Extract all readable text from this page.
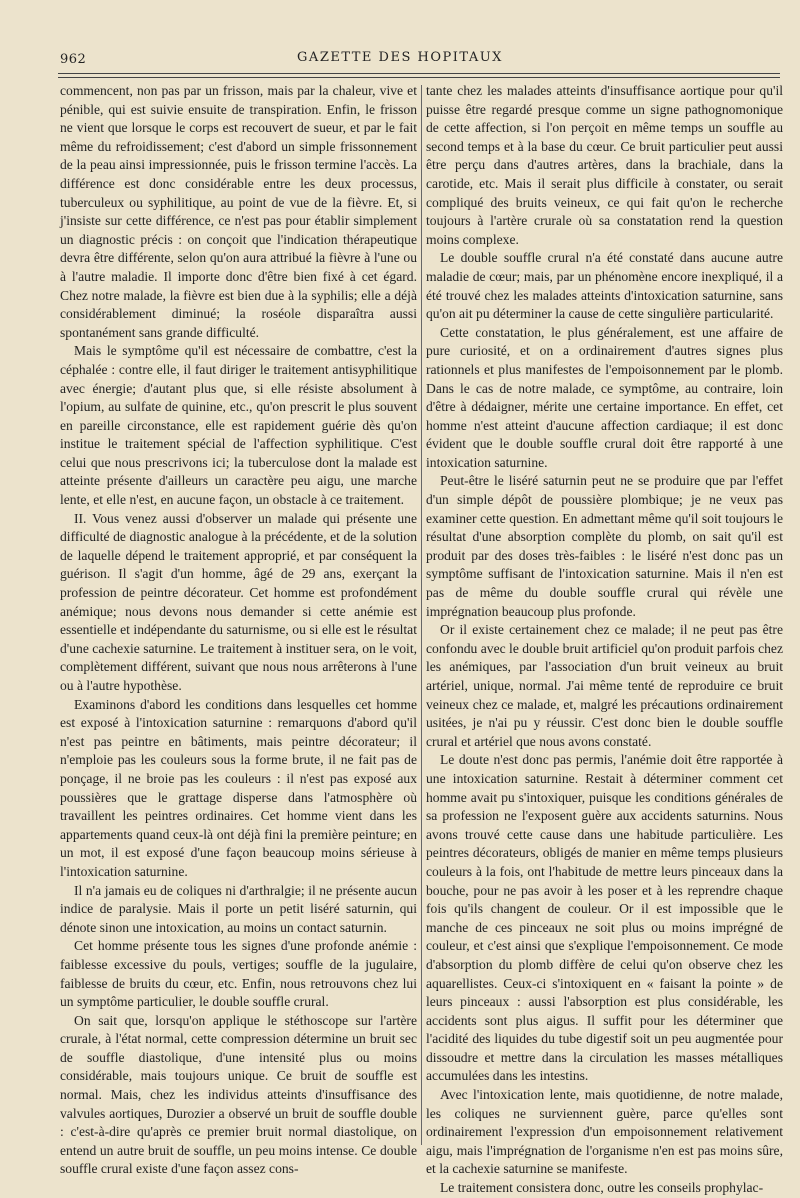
962	GAZETTE DES HOPITAUX

commencent, non pas par un frisson, mais par la chaleur, vive et pénible, qui est suivie ensuite de transpiration. Enfin, le frisson ne vient que lorsque le corps est recouvert de sueur, et par le fait même du refroidissement; c'est d'abord un simple frissonnement de la peau ainsi impressionnée, puis le frisson termine l'accès. La différence est donc considérable entre les deux processus, tuberculeux ou syphilitique, au point de vue de la fièvre. Et, si j'insiste sur cette différence, ce n'est pas pour établir simplement un diagnostic précis : on conçoit que l'indication thérapeutique devra être différente, selon qu'on aura attribué la fièvre à l'une ou à l'autre maladie. Il importe donc d'être bien fixé à cet égard. Chez notre malade, la fièvre est bien due à la syphilis; elle a déjà considérablement diminué; la roséole disparaîtra aussi spontanément sans grande difficulté.

Mais le symptôme qu'il est nécessaire de combattre, c'est la céphalée : contre elle, il faut diriger le traitement antisyphilitique avec énergie; d'autant plus que, si elle résiste absolument à l'opium, au sulfate de quinine, etc., qu'on prescrit le plus souvent en pareille circonstance, elle est rapidement guérie dès qu'on institue le traitement spécial de l'affection syphilitique. C'est celui que nous prescrivons ici; la tuberculose dont la malade est atteinte présente d'ailleurs un caractère peu aigu, une marche lente, et elle n'est, en aucune façon, un obstacle à ce traitement.

II. Vous venez aussi d'observer un malade qui présente une difficulté de diagnostic analogue à la précédente, et de la solution de laquelle dépend le traitement approprié, et par conséquent la guérison. Il s'agit d'un homme, âgé de 29 ans, exerçant la profession de peintre décorateur. Cet homme est profondément anémique; nous devons nous demander si cette anémie est essentielle et indépendante du saturnisme, ou si elle est le résultat d'une cachexie saturnine. Le traitement à instituer sera, on le voit, complètement différent, suivant que nous nous arrêterons à l'une ou à l'autre hypothèse.

Examinons d'abord les conditions dans lesquelles cet homme est exposé à l'intoxication saturnine : remarquons d'abord qu'il n'est pas peintre en bâtiments, mais peintre décorateur; il n'emploie pas les couleurs sous la forme brute, il ne fait pas de ponçage, il ne broie pas les couleurs : il n'est pas exposé aux poussières que le grattage disperse dans l'atmosphère où travaillent les peintres ordinaires. Cet homme vient dans les appartements quand ceux-là ont déjà fini la première peinture; en un mot, il est exposé d'une façon beaucoup moins sérieuse à l'intoxication saturnine.

Il n'a jamais eu de coliques ni d'arthralgie; il ne présente aucun indice de paralysie. Mais il porte un petit liséré saturnin, qui dénote sinon une intoxication, au moins un contact saturnin.

Cet homme présente tous les signes d'une profonde anémie : faiblesse excessive du pouls, vertiges; souffle de la jugulaire, faiblesse de bruits du cœur, etc. Enfin, nous retrouvons chez lui un symptôme particulier, le double souffle crural.

On sait que, lorsqu'on applique le stéthoscope sur l'artère crurale, à l'état normal, cette compression détermine un bruit sec de souffle diastolique, d'une intensité plus ou moins considérable, mais toujours unique. Ce bruit de souffle est normal. Mais, chez les individus atteints d'insuffisance des valvules aortiques, Durozier a observé un bruit de souffle double : c'est-à-dire qu'après ce premier bruit normal diastolique, on entend un autre bruit de souffle, un peu moins intense. Ce double souffle crural existe d'une façon assez cons-

tante chez les malades atteints d'insuffisance aortique pour qu'il puisse être regardé presque comme un signe pathognomonique de cette affection, si l'on perçoit en même temps un souffle au second temps et à la base du cœur. Ce bruit particulier peut aussi être perçu dans d'autres artères, dans la brachiale, dans la carotide, etc. Mais il serait plus difficile à constater, ou serait compliqué des bruits veineux, ce qui fait qu'on le recherche toujours à l'artère crurale où sa constatation rend la question moins complexe.

Le double souffle crural n'a été constaté dans aucune autre maladie de cœur; mais, par un phénomène encore inexpliqué, il a été trouvé chez les malades atteints d'intoxication saturnine, sans qu'on ait pu déterminer la cause de cette singulière particularité.

Cette constatation, le plus généralement, est une affaire de pure curiosité, et on a ordinairement d'autres signes plus rationnels et plus manifestes de l'empoisonnement par le plomb. Dans le cas de notre malade, ce symptôme, au contraire, loin d'être à dédaigner, mérite une certaine importance. En effet, cet homme n'est atteint d'aucune affection cardiaque; il est donc évident que le double souffle crural doit être rapporté à une intoxication saturnine.

Peut-être le liséré saturnin peut ne se produire que par l'effet d'un simple dépôt de poussière plombique; je ne veux pas examiner cette question. En admettant même qu'il soit toujours le résultat d'une absorption complète du plomb, on sait qu'il est produit par des doses très-faibles : le liséré n'est donc pas un symptôme suffisant de l'intoxication saturnine. Mais il n'en est pas de même du double souffle crural qui révèle une imprégnation beaucoup plus profonde.

Or il existe certainement chez ce malade; il ne peut pas être confondu avec le double bruit artificiel qu'on produit parfois chez les anémiques, par l'association d'un bruit veineux au bruit artériel, unique, normal. J'ai même tenté de reproduire ce bruit veineux chez ce malade, et, malgré les précautions ordinairement usitées, je n'ai pu y réussir. C'est donc bien le double souffle crural et artériel que nous avons constaté.

Le doute n'est donc pas permis, l'anémie doit être rapportée à une intoxication saturnine. Restait à déterminer comment cet homme avait pu s'intoxiquer, puisque les conditions générales de sa profession ne l'exposent guère aux accidents saturnins. Nous avons trouvé cette cause dans une habitude particulière. Les peintres décorateurs, obligés de manier en même temps plusieurs couleurs à la fois, ont l'habitude de mettre leurs pinceaux dans la bouche, pour ne pas avoir à les poser et à les reprendre chaque fois qu'ils changent de couleur. Or il est impossible que le manche de ces pinceaux ne soit plus ou moins imprégné de couleur, et c'est ainsi que s'explique l'empoisonnement. Ce mode d'absorption du plomb diffère de celui qu'on observe chez les aquarellistes. Ceux-ci s'intoxiquent en « faisant la pointe » de leurs pinceaux : aussi l'absorption est plus considérable, les accidents sont plus aigus. Il suffit pour les déterminer que l'acidité des liquides du tube digestif soit un peu augmentée pour dissoudre et mettre dans la circulation les masses métalliques accumulées dans les intestins.

Avec l'intoxication lente, mais quotidienne, de notre malade, les coliques ne surviennent guère, parce qu'elles sont ordinairement l'expression d'un empoisonnement relativement aigu, mais l'imprégnation de l'organisme n'en est pas moins sûre, et la cachexie saturnine se manifeste.

Le traitement consistera donc, outre les conseils prophylac-
